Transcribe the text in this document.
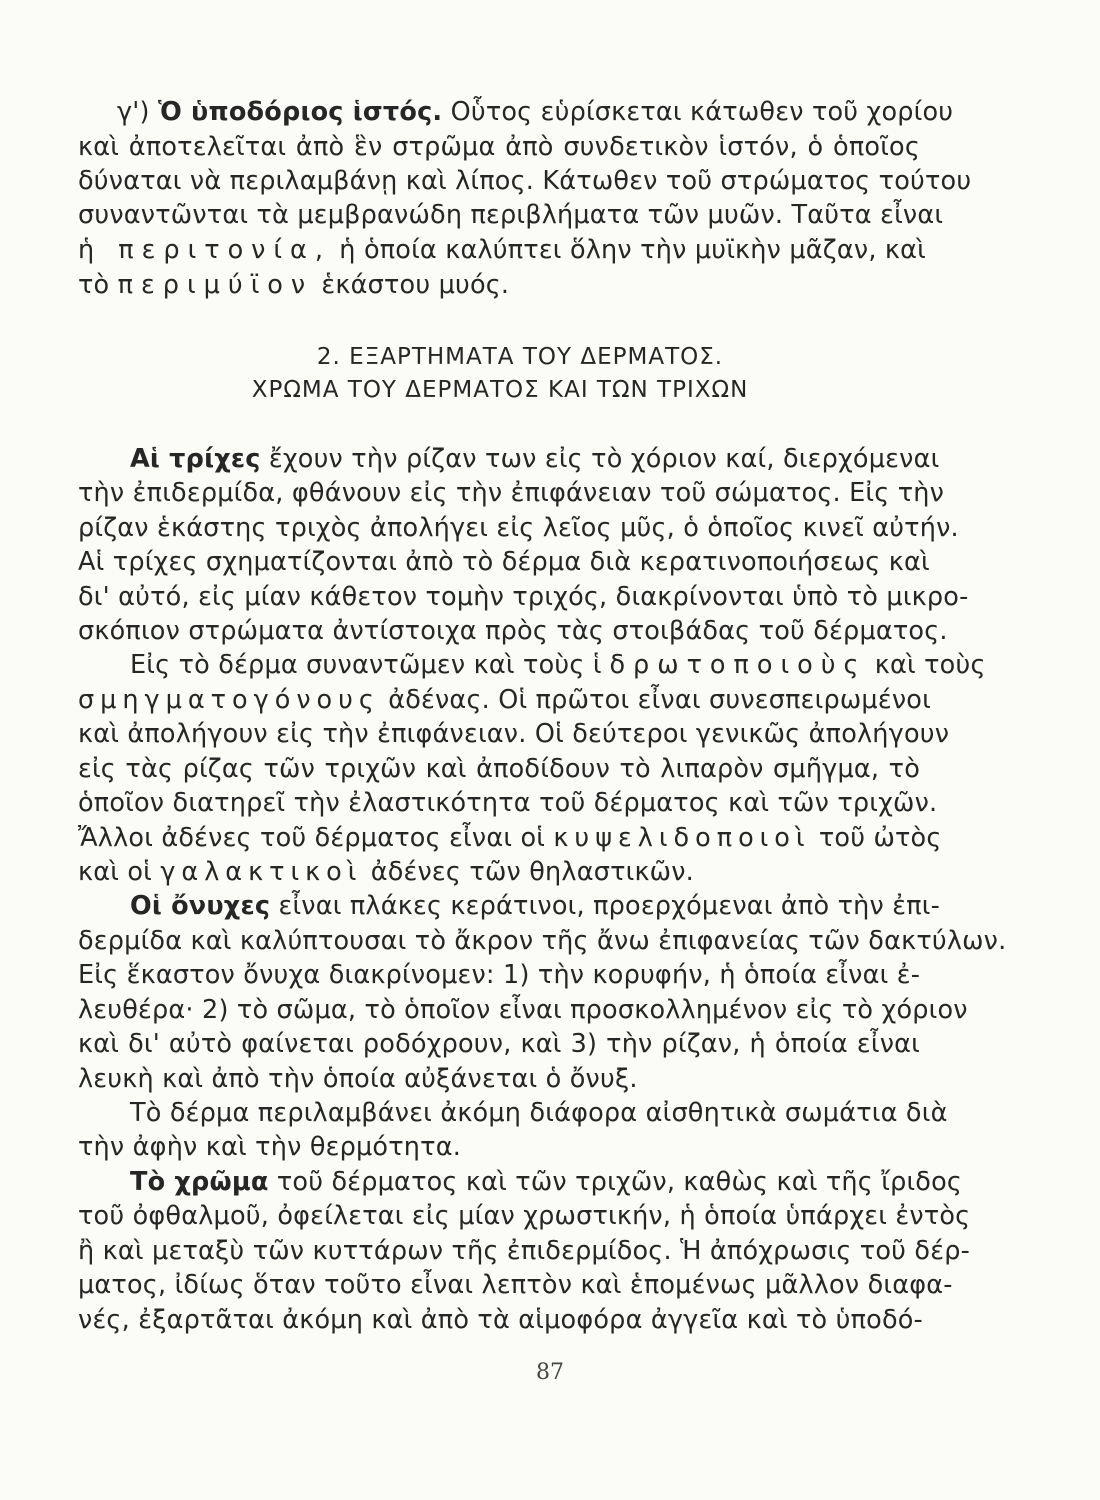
γ') Ὁ ὑποδόριος ἱστός. Οὗτος εὑρίσκεται κάτωθεν τοῦ χορίου
καὶ ἀποτελεῖται ἀπὸ ἓν στρῶμα ἀπὸ συνδετικὸν ἱστόν, ὁ ὁποῖος
δύναται νὰ περιλαμβάνῃ καὶ λίπος. Κάτωθεν τοῦ στρώματος τούτου
συναντῶνται τὰ μεμβρανώδη περιβλήματα τῶν μυῶν. Ταῦτα εἶναι
ἡ περιτονία, ἡ ὁποία καλύπτει ὅλην τὴν μυϊκὴν μᾶζαν, καὶ
τὸ περιμύϊον ἑκάστου μυός.
2. ΕΞΑΡΤΗΜΑΤΑ ΤΟΥ ΔΕΡΜΑΤΟΣ.
ΧΡΩΜΑ ΤΟΥ ΔΕΡΜΑΤΟΣ ΚΑΙ ΤΩΝ ΤΡΙΧΩΝ
Αἱ τρίχες ἔχουν τὴν ρίζαν των εἰς τὸ χόριον καί, διερχόμεναι
τὴν ἐπιδερμίδα, φθάνουν εἰς τὴν ἐπιφάνειαν τοῦ σώματος. Εἰς τὴν
ρίζαν ἑκάστης τριχὸς ἀπολήγει εἰς λεῖος μῦς, ὁ ὁποῖος κινεῖ αὐτήν.
Αἱ τρίχες σχηματίζονται ἀπὸ τὸ δέρμα διὰ κερατινοποιήσεως καὶ
δι' αὐτό, εἰς μίαν κάθετον τομὴν τριχός, διακρίνονται ὑπὸ τὸ μικρο-
σκόπιον στρώματα ἀντίστοιχα πρὸς τὰς στοιβάδας τοῦ δέρματος.
Εἰς τὸ δέρμα συναντῶμεν καὶ τοὺς ἱδρωτοποιοὺς καὶ τοὺς
σμηγματογόνους ἀδένας. Οἱ πρῶτοι εἶναι συνεσπειρωμένοι
καὶ ἀπολήγουν εἰς τὴν ἐπιφάνειαν. Οἱ δεύτεροι γενικῶς ἀπολήγουν
εἰς τὰς ρίζας τῶν τριχῶν καὶ ἀποδίδουν τὸ λιπαρὸν σμῆγμα, τὸ
ὁποῖον διατηρεῖ τὴν ἐλαστικότητα τοῦ δέρματος καὶ τῶν τριχῶν.
Ἄλλοι ἀδένες τοῦ δέρματος εἶναι οἱ κυψελιδοποιοὶ τοῦ ὠτὸς
καὶ οἱ γαλακτικοὶ ἀδένες τῶν θηλαστικῶν.
Οἱ ὄνυχες εἶναι πλάκες κεράτινοι, προερχόμεναι ἀπὸ τὴν ἐπι-
δερμίδα καὶ καλύπτουσαι τὸ ἄκρον τῆς ἄνω ἐπιφανείας τῶν δακτύλων.
Εἰς ἕκαστον ὄνυχα διακρίνομεν: 1) τὴν κορυφήν, ἡ ὁποία εἶναι ἐ-
λευθέρα· 2) τὸ σῶμα, τὸ ὁποῖον εἶναι προσκολλημένον εἰς τὸ χόριον
καὶ δι' αὐτὸ φαίνεται ροδόχρουν, καὶ 3) τὴν ρίζαν, ἡ ὁποία εἶναι
λευκὴ καὶ ἀπὸ τὴν ὁποία αὐξάνεται ὁ ὄνυξ.
Τὸ δέρμα περιλαμβάνει ἀκόμη διάφορα αἰσθητικὰ σωμάτια διὰ
τὴν ἀφὴν καὶ τὴν θερμότητα.
Τὸ χρῶμα τοῦ δέρματος καὶ τῶν τριχῶν, καθὼς καὶ τῆς ἴριδος
τοῦ ὀφθαλμοῦ, ὀφείλεται εἰς μίαν χρωστικήν, ἡ ὁποία ὑπάρχει ἐντὸς
ἢ καὶ μεταξὺ τῶν κυττάρων τῆς ἐπιδερμίδος. Ἡ ἀπόχρωσις τοῦ δέρ-
ματος, ἰδίως ὅταν τοῦτο εἶναι λεπτὸν καὶ ἑπομένως μᾶλλον διαφα-
νές, ἐξαρτᾶται ἀκόμη καὶ ἀπὸ τὰ αἱμοφόρα ἀγγεῖα καὶ τὸ ὑποδό-
87
